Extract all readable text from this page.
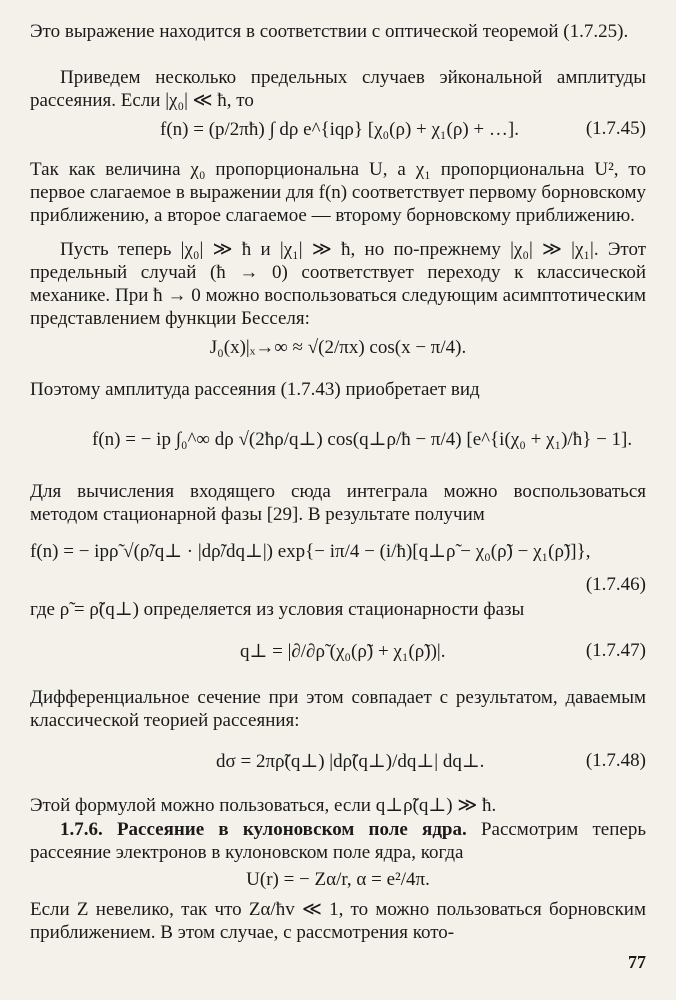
Это выражение находится в соответствии с оптической теоремой (1.7.25).

Приведем несколько предельных случаев эйкональной амплитуды рассеяния. Если |χ₀| ≪ ħ, то

f(n) = (p/2πħ) ∫ dρ e^{iqρ} [χ₀(ρ) + χ₁(ρ) + …].	(1.7.45)

Так как величина χ₀ пропорциональна U, а χ₁ пропорциональна U², то первое слагаемое в выражении для f(n) соответствует первому борновскому приближению, а второе слагаемое — второму борновскому приближению.

Пусть теперь |χ₀| ≫ ħ и |χ₁| ≫ ħ, но по-прежнему |χ₀| ≫ |χ₁|. Этот предельный случай (ħ → 0) соответствует переходу к классической механике. При ħ → 0 можно воспользоваться следующим асимптотическим представлением функции Бесселя:

J₀(x)|ₓ→∞ ≈ √(2/πx) cos(x − π/4).

Поэтому амплитуда рассеяния (1.7.43) приобретает вид

f(n) = − ip ∫₀^∞ dρ √(2ħρ/q⊥) cos(q⊥ρ/ħ − π/4) [e^{i(χ₀ + χ₁)/ħ} − 1].

Для вычисления входящего сюда интеграла можно воспользоваться методом стационарной фазы [29]. В результате получим

f(n) = − ipρ̃ √(ρ̃/q⊥ · |dρ̃/dq⊥|) exp{− iπ/4 − (i/ħ)[q⊥ρ̃ − χ₀(ρ̃) − χ₁(ρ̃)]},
(1.7.46)

где ρ̃ = ρ̃(q⊥) определяется из условия стационарности фазы

q⊥ = |∂/∂ρ̃ (χ₀(ρ̃) + χ₁(ρ̃))|.	(1.7.47)

Дифференциальное сечение при этом совпадает с результатом, даваемым классической теорией рассеяния:

dσ = 2πρ̃(q⊥) |dρ̃(q⊥)/dq⊥| dq⊥.	(1.7.48)

Этой формулой можно пользоваться, если q⊥ρ̃(q⊥) ≫ ħ.

1.7.6. Рассеяние в кулоновском поле ядра. Рассмотрим теперь рассеяние электронов в кулоновском поле ядра, когда

U(r) = − Zα/r, α = e²/4π.

Если Z невелико, так что Zα/ħv ≪ 1, то можно пользоваться борновским приближением. В этом случае, с рассмотрения кото-

77
